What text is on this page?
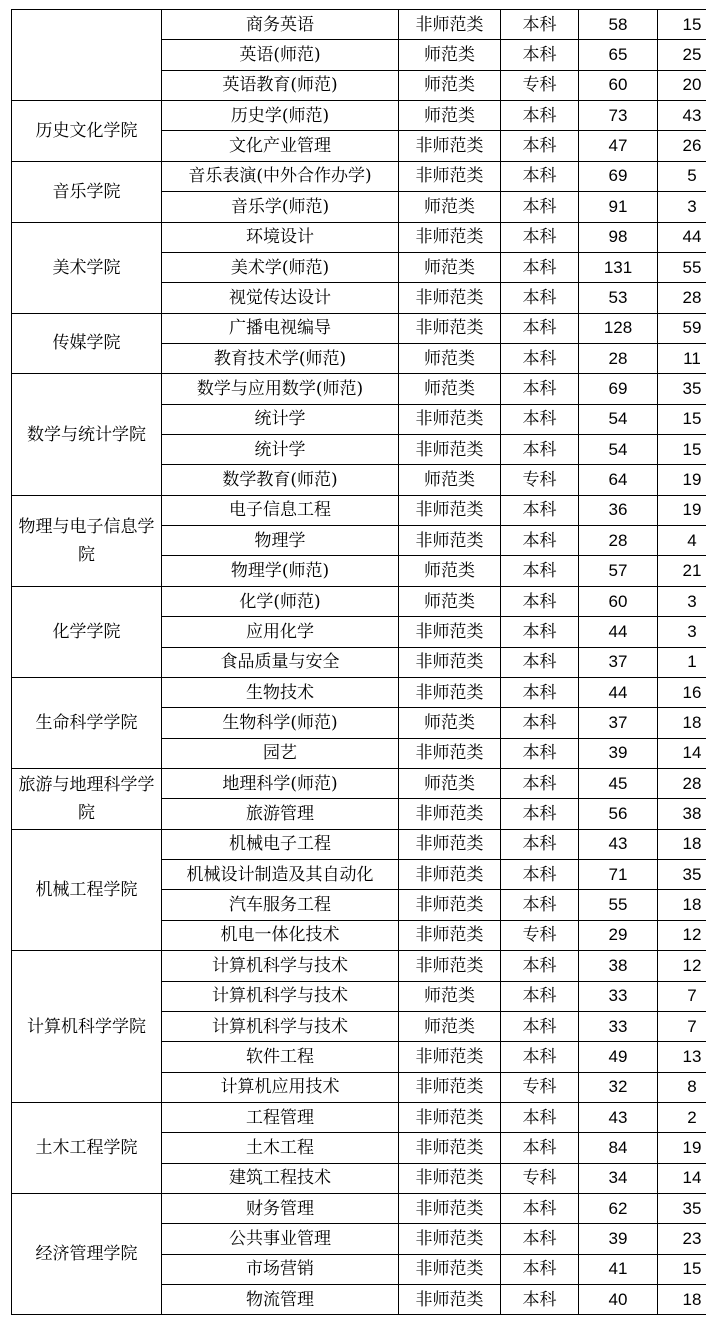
	商务英语	非师范类	本科	58	15
	英语(师范)	师范类	本科	65	25
	英语教育(师范)	师范类	专科	60	20
历史文化学院	历史学(师范)	师范类	本科	73	43
	文化产业管理	非师范类	本科	47	26
音乐学院	音乐表演(中外合作办学)	非师范类	本科	69	5
	音乐学(师范)	师范类	本科	91	3
美术学院	环境设计	非师范类	本科	98	44
	美术学(师范)	师范类	本科	131	55
	视觉传达设计	非师范类	本科	53	28
传媒学院	广播电视编导	非师范类	本科	128	59
	教育技术学(师范)	师范类	本科	28	11
数学与统计学院	数学与应用数学(师范)	师范类	本科	69	35
	统计学	非师范类	本科	54	15
	统计学	非师范类	本科	54	15
	数学教育(师范)	师范类	专科	64	19
物理与电子信息学院	电子信息工程	非师范类	本科	36	19
	物理学	非师范类	本科	28	4
	物理学(师范)	师范类	本科	57	21
化学学院	化学(师范)	师范类	本科	60	3
	应用化学	非师范类	本科	44	3
	食品质量与安全	非师范类	本科	37	1
生命科学学院	生物技术	非师范类	本科	44	16
	生物科学(师范)	师范类	本科	37	18
	园艺	非师范类	本科	39	14
旅游与地理科学学院	地理科学(师范)	师范类	本科	45	28
	旅游管理	非师范类	本科	56	38
机械工程学院	机械电子工程	非师范类	本科	43	18
	机械设计制造及其自动化	非师范类	本科	71	35
	汽车服务工程	非师范类	本科	55	18
	机电一体化技术	非师范类	专科	29	12
计算机科学学院	计算机科学与技术	非师范类	本科	38	12
	计算机科学与技术	师范类	本科	33	7
	计算机科学与技术	师范类	本科	33	7
	软件工程	非师范类	本科	49	13
	计算机应用技术	非师范类	专科	32	8
土木工程学院	工程管理	非师范类	本科	43	2
	土木工程	非师范类	本科	84	19
	建筑工程技术	非师范类	专科	34	14
经济管理学院	财务管理	非师范类	本科	62	35
	公共事业管理	非师范类	本科	39	23
	市场营销	非师范类	本科	41	15
	物流管理	非师范类	本科	40	18
